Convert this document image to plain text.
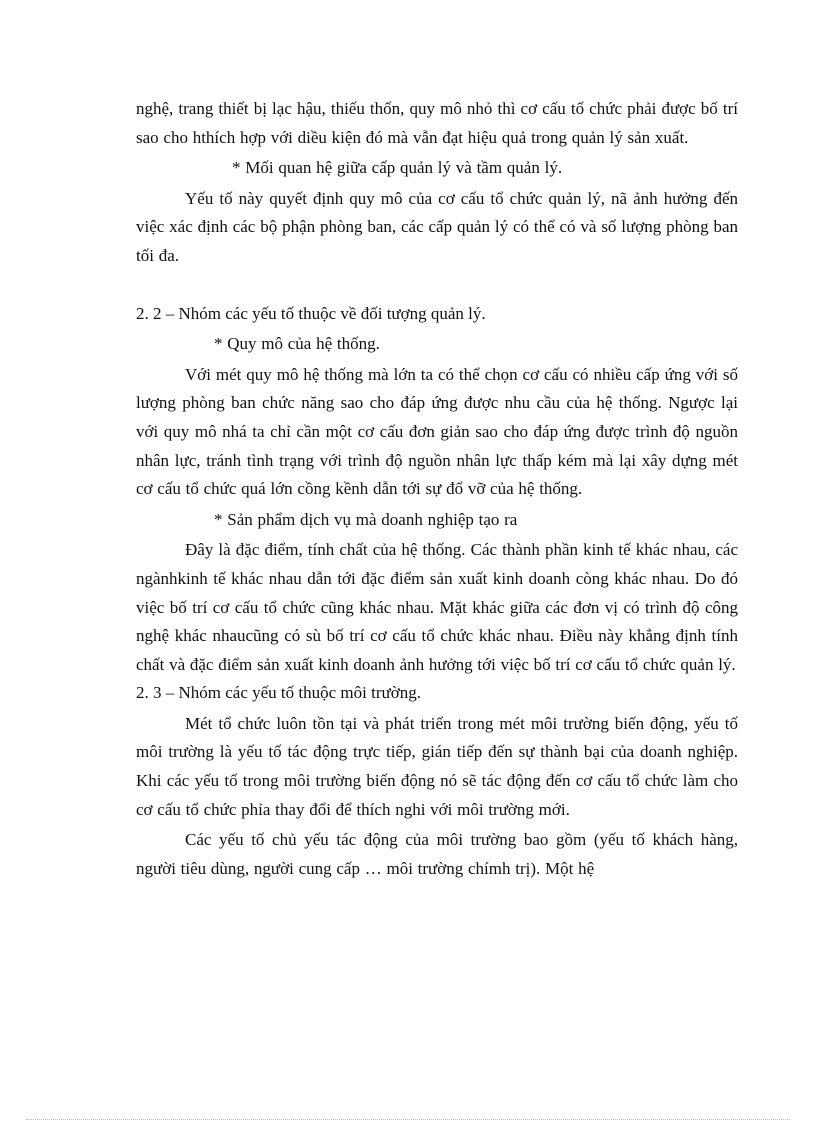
nghệ, trang thiết bị lạc hậu, thiếu thốn, quy mô nhỏ thì cơ cấu tổ chức phải được bố trí sao cho hthích hợp với diều kiện đó mà vẫn đạt hiệu quả trong quản lý sản xuất.

* Mối quan hệ giữa cấp quản lý và tầm quản lý.

Yếu tố này quyết định quy mô của cơ cấu tổ chức quản lý, nã ảnh hưởng đến việc xác định các bộ phận phòng ban, các cấp quản lý có thể có và số lượng phòng ban tối đa.

2. 2 – Nhóm các yếu tố thuộc về đối tượng quản lý.

* Quy mô của hệ thống.

Với mét quy mô hệ thống mà lớn ta có thể chọn cơ cấu có nhiều cấp ứng với số lượng phòng ban chức năng sao cho đáp ứng được nhu cầu của hệ thống. Ngược lại với quy mô nhá ta chỉ cần một cơ cấu đơn giản sao cho đáp ứng được trình độ nguồn nhân lực, tránh tình trạng với trình độ nguồn nhân lực thấp kém mà lại xây dựng mét cơ cấu tổ chức quá lớn cồng kềnh dẫn tới sự đổ vỡ của hệ thống.

* Sản phẩm dịch vụ mà doanh nghiệp tạo ra

Đây là đặc điểm, tính chất của hệ thống. Các thành phần kinh tế khác nhau, các ngànhkinh tế khác nhau dẫn tới đặc điểm sản xuất kinh doanh còng khác nhau. Do đó việc bố trí cơ cấu tổ chức cũng khác nhau. Mặt khác giữa các đơn vị có trình độ công nghệ khác nhaucũng có sù bố trí cơ cấu tổ chức khác nhau. Điều này khẳng định tính chất và đặc điểm sản xuất kinh doanh ảnh hưởng tới việc bố trí cơ cấu tổ chức quản lý.

2. 3 – Nhóm các yếu tố thuộc môi trường.

Mét tổ chức luôn tồn tại và phát triển trong mét môi trường biến động, yếu tố môi trường là yếu tố tác động trực tiếp, gián tiếp đến sự thành bại của doanh nghiệp. Khi các yếu tố trong môi trường biến động nó sẽ tác động đến cơ cấu tổ chức làm cho cơ cấu tổ chức phỉa thay đổi để thích nghi với môi trường mới.

Các yếu tố chủ yếu tác động của môi trường bao gồm (yếu tố khách hàng, người tiêu dùng, người cung cấp … môi trường chímh trị). Một hệ
